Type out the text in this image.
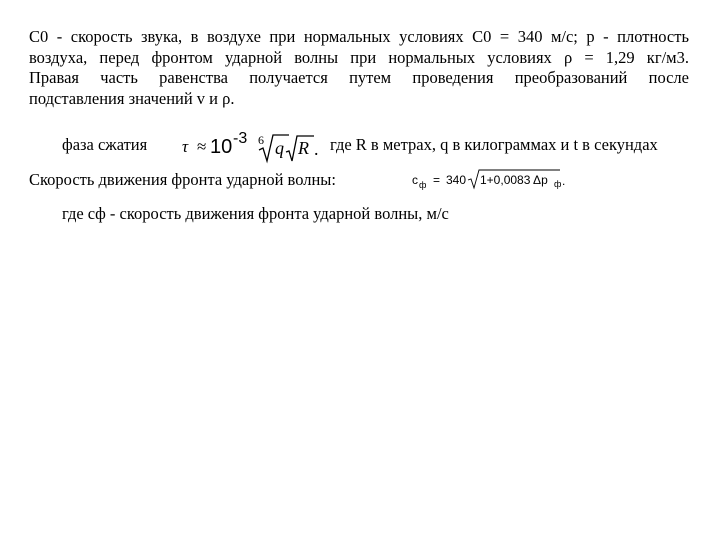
C0 - скорость звука, в воздухе при нормальных условиях C0 = 340 м/с; р - плотность
воздуха, перед фронтом ударной волны при нормальных условиях ρ = 1,29 кг/м3.
Правая часть равенства получается путем проведения преобразований после
подставления значений v и ρ.
фаза сжатия τ ≈ 10 -3 6 q R . где R в метрах, q в килограммах и t в секундах
Скорость движения фронта ударной волны:	c ф = 340 1+0,0083 Δp ф .
где cф - скорость движения фронта ударной волны, м/с
